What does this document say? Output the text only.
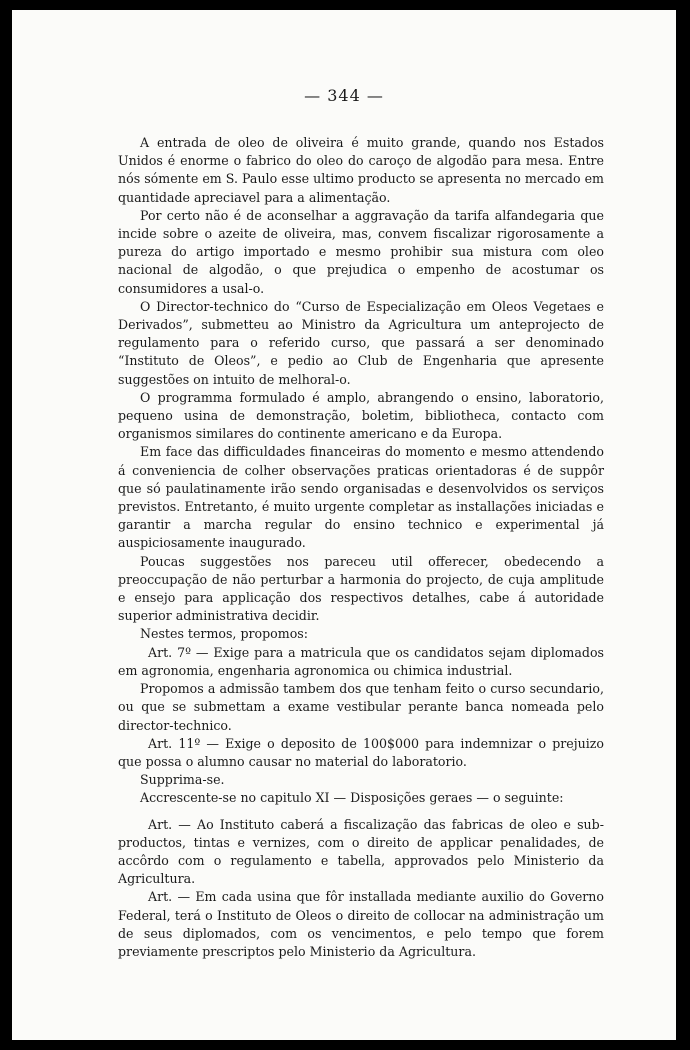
— 344 —

A entrada de oleo de oliveira é muito grande, quando nos Estados Unidos é enorme o fabrico do oleo do caroço de algodão para mesa. Entre nós sómente em S. Paulo esse ultimo producto se apresenta no mercado em quantidade apreciavel para a alimentação.

Por certo não é de aconselhar a aggravação da tarifa alfandegaria que incide sobre o azeite de oliveira, mas, convem fiscalizar rigorosamente a pureza do artigo importado e mesmo prohibir sua mistura com oleo nacional de algodão, o que prejudica o empenho de acostumar os consumidores a usal-o.

O Director-technico do “Curso de Especialização em Oleos Vegetaes e Derivados”, submetteu ao Ministro da Agricultura um anteprojecto de regulamento para o referido curso, que passará a ser denominado “Instituto de Oleos”, e pedio ao Club de Engenharia que apresente suggestões on intuito de melhoral-o.

O programma formulado é amplo, abrangendo o ensino, laboratorio, pequeno usina de demonstração, boletim, bibliotheca, contacto com organismos similares do continente americano e da Europa.

Em face das difficuldades financeiras do momento e mesmo attendendo á conveniencia de colher observações praticas orientadoras é de suppôr que só paulatinamente irão sendo organisadas e desenvolvidos os serviços previstos. Entretanto, é muito urgente completar as installações iniciadas e garantir a marcha regular do ensino technico e experimental já auspiciosamente inaugurado.

Poucas suggestões nos pareceu util offerecer, obedecendo a preoccupação de não perturbar a harmonia do projecto, de cuja amplitude e ensejo para applicação dos respectivos detalhes, cabe á autoridade superior administrativa decidir.

Nestes termos, propomos:

Art. 7º — Exige para a matricula que os candidatos sejam diplomados em agronomia, engenharia agronomica ou chimica industrial.

Propomos a admissão tambem dos que tenham feito o curso secundario, ou que se submettam a exame vestibular perante banca nomeada pelo director-technico.

Art. 11º — Exige o deposito de 100$000 para indemnizar o prejuizo que possa o alumno causar no material do laboratorio.

Supprima-se.

Accrescente-se no capitulo XI — Disposições geraes — o seguinte:

Art. — Ao Instituto caberá a fiscalização das fabricas de oleo e sub-productos, tintas e vernizes, com o direito de applicar penalidades, de accôrdo com o regulamento e tabella, approvados pelo Ministerio da Agricultura.

Art. — Em cada usina que fôr installada mediante auxilio do Governo Federal, terá o Instituto de Oleos o direito de collocar na administração um de seus diplomados, com os vencimentos, e pelo tempo que forem previamente prescriptos pelo Ministerio da Agricultura.
